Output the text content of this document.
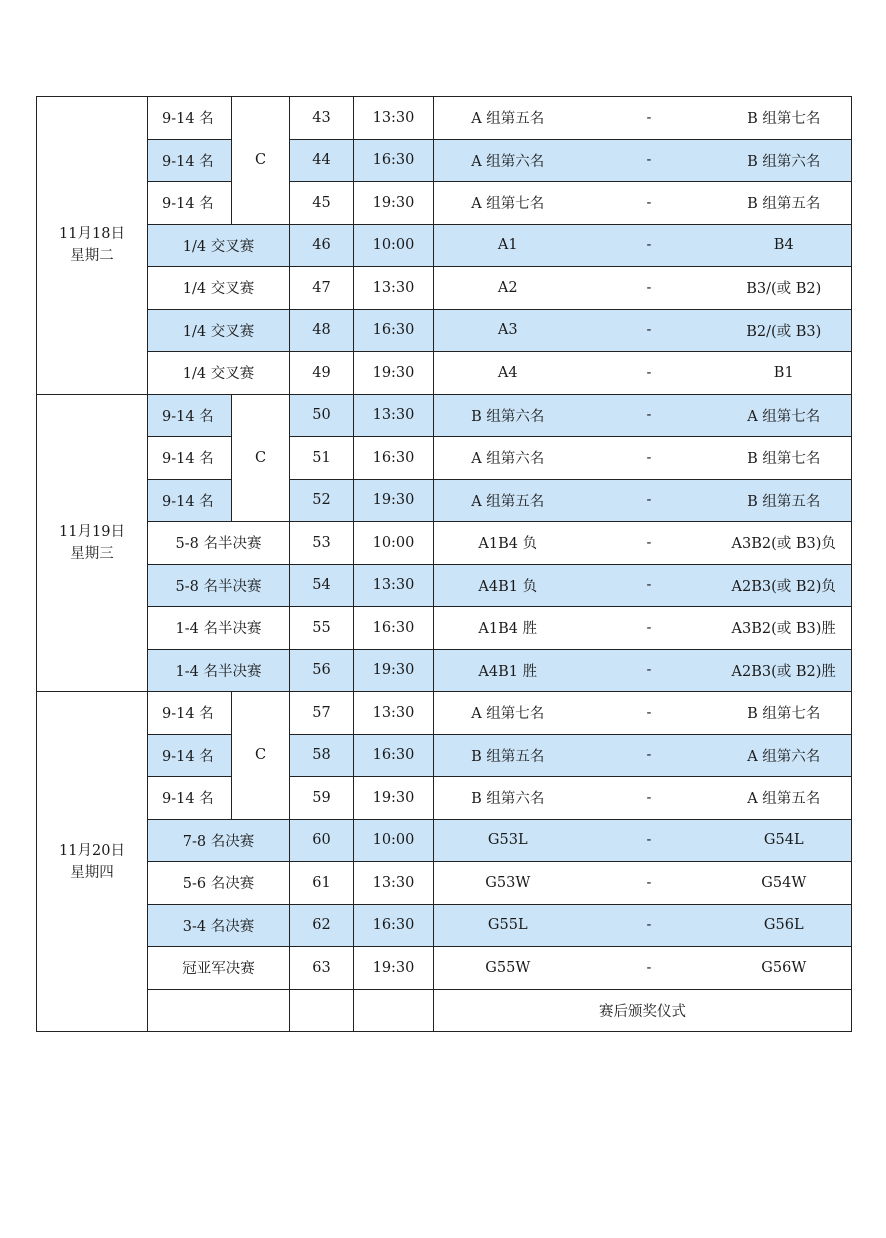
11月18日
星期二	9-14 名	C	43	13:30	A 组第五名	-	B 组第七名	
	9-14 名		44	16:30	A 组第六名	-	B 组第六名	
	9-14 名		45	19:30	A 组第七名	-	B 组第五名	
	1/4 交叉赛		46	10:00	A1	-	B4	
	1/4 交叉赛		47	13:30	A2	-	B3/(或 B2)	
	1/4 交叉赛		48	16:30	A3	-	B2/(或 B3)	
	1/4 交叉赛		49	19:30	A4	-	B1	

11月19日
星期三	9-14 名	C	50	13:30	B 组第六名	-	A 组第七名	
	9-14 名		51	16:30	A 组第六名	-	B 组第七名	
	9-14 名		52	19:30	A 组第五名	-	B 组第五名	
	5-8 名半决赛		53	10:00	A1B4 负	-	A3B2(或 B3)负	
	5-8 名半决赛		54	13:30	A4B1 负	-	A2B3(或 B2)负	
	1-4 名半决赛		55	16:30	A1B4 胜	-	A3B2(或 B3)胜	
	1-4 名半决赛		56	19:30	A4B1 胜	-	A2B3(或 B2)胜	

11月20日
星期四	9-14 名	C	57	13:30	A 组第七名	-	B 组第七名	
	9-14 名		58	16:30	B 组第五名	-	A 组第六名	
	9-14 名		59	19:30	B 组第六名	-	A 组第五名	
	7-8 名决赛		60	10:00	G53L	-	G54L	
	5-6 名决赛		61	13:30	G53W	-	G54W	
	3-4 名决赛		62	16:30	G55L	-	G56L	
	冠亚军决赛		63	19:30	G55W	-	G56W	
					赛后颁奖仪式			
